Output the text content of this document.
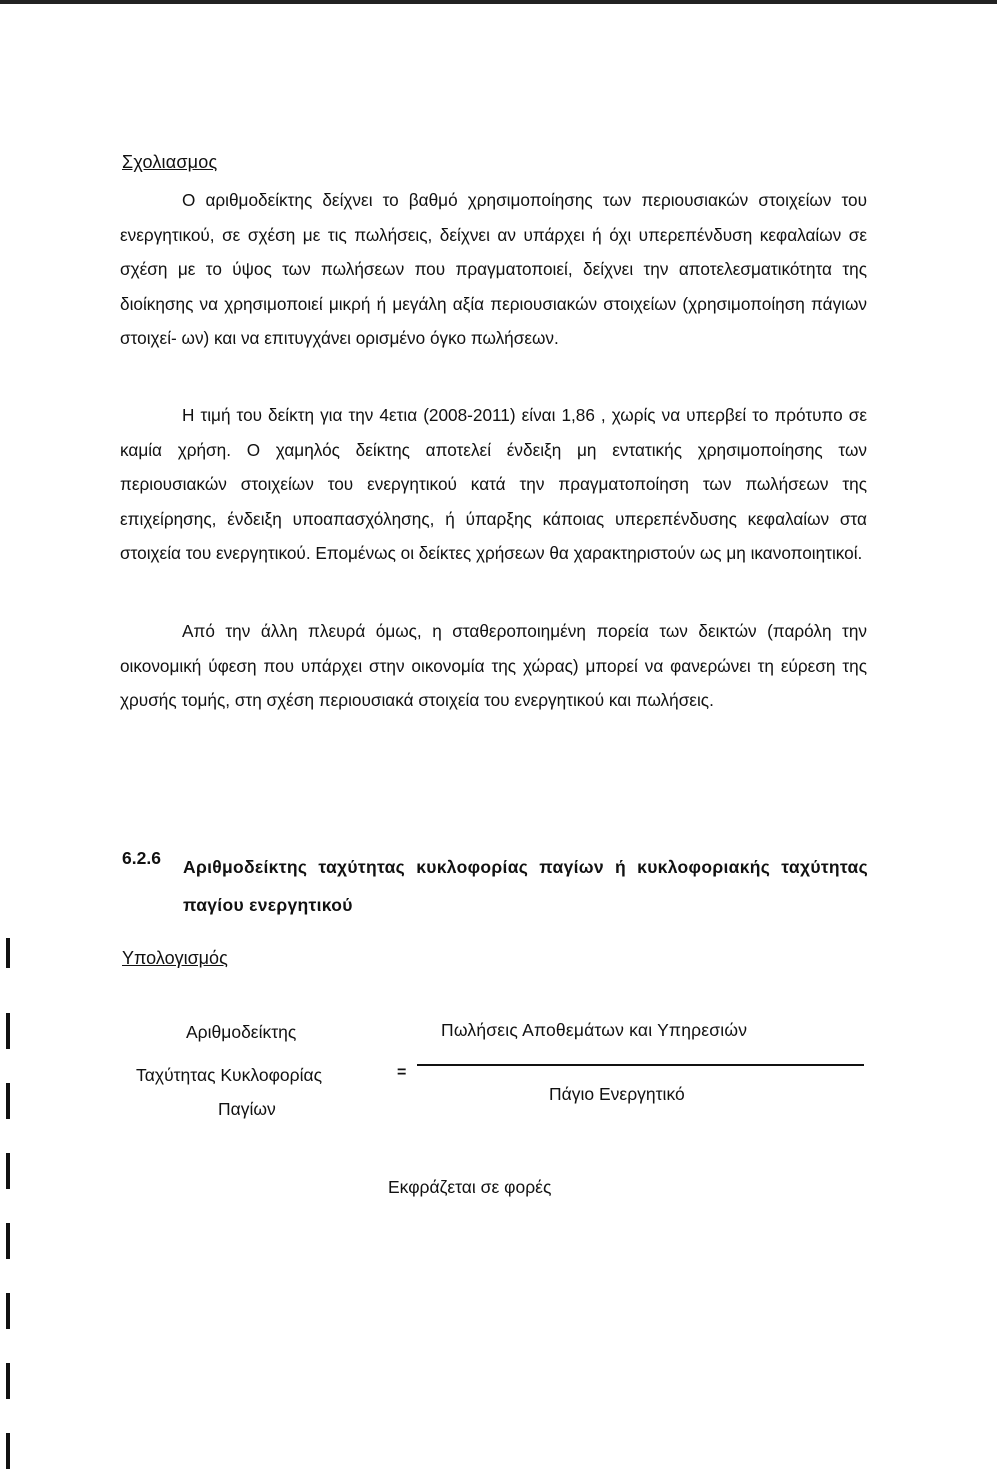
Σχολιασμος
Ο αριθμοδείκτης δείχνει το βαθμό χρησιμοποίησης των περιουσιακών στοιχείων του ενεργητικού, σε σχέση με τις πωλήσεις, δείχνει αν υπάρχει ή όχι υπερεπένδυση κεφαλαίων σε σχέση με το ύψος των πωλήσεων που πραγματοποιεί, δείχνει την αποτελεσματικότητα της διοίκησης να χρησιμοποιεί μικρή ή μεγάλη αξία περιουσιακών στοιχείων (χρησιμοποίηση πάγιων στοιχεί- ων) και να επιτυγχάνει ορισμένο όγκο πωλήσεων.
Η τιμή του δείκτη για την 4ετια (2008-2011) είναι 1,86 , χωρίς να υπερβεί το πρότυπο σε καμία χρήση. Ο χαμηλός δείκτης αποτελεί ένδειξη μη εντατικής χρησιμοποίησης των περιουσιακών στοιχείων του ενεργητικού κατά την πραγματοποίηση των πωλήσεων της επιχείρησης, ένδειξη υποαπασχόλησης, ή ύπαρξης κάποιας υπερεπένδυσης κεφαλαίων στα στοιχεία του ενεργητικού. Επομένως οι δείκτες χρήσεων θα χαρακτηριστούν ως μη ικανοποιητικοί.
Από την άλλη πλευρά όμως, η σταθεροποιημένη πορεία των δεικτών (παρόλη την οικονομική ύφεση που υπάρχει στην οικονομία της χώρας) μπορεί να φανερώνει τη εύρεση της χρυσής τομής, στη σχέση περιουσιακά στοιχεία του ενεργητικού και πωλήσεις.
6.2.6 Αριθμοδείκτης ταχύτητας κυκλοφορίας παγίων ή κυκλοφοριακής ταχύτητας παγίου ενεργητικού
Υπολογισμός
Αριθμοδείκτης
Ταχύτητας Κυκλοφορίας
Παγίων
=
Πωλήσεις Αποθεμάτων και Υπηρεσιών
Πάγιο Ενεργητικό
Εκφράζεται σε φορές
